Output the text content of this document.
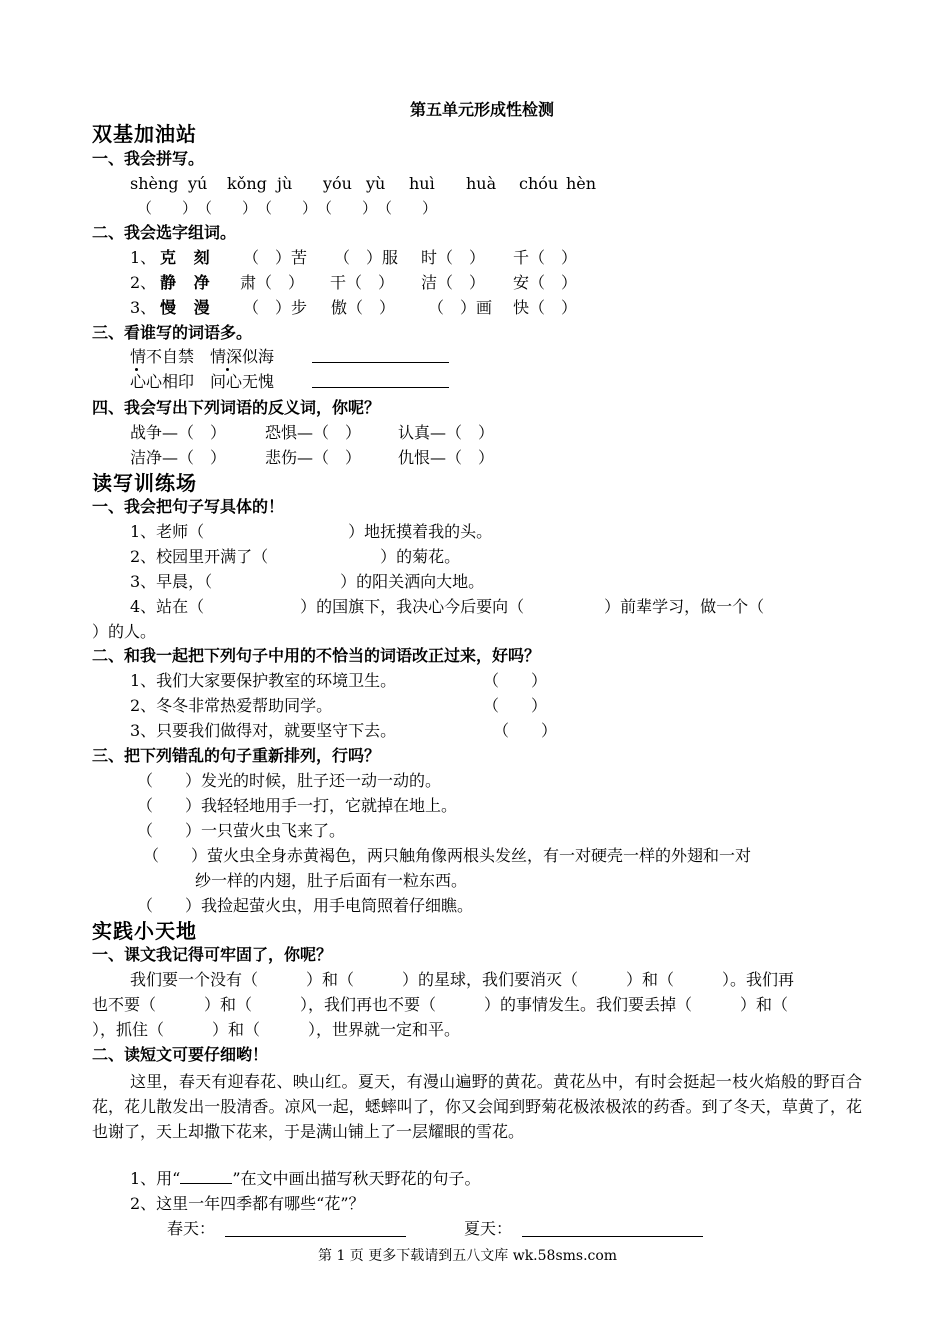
第五单元形成性检测
双基加油站
一、我会拼写。
shèng yú kǒng jù yóu yù huì huà chóu hèn
（　　）　（　　）　（　　）　（　　）　（　　）
二、我会选字组词。
1、 克 刻 （　）苦 （　）服 时（　） 千（　）
2、 静 净 肃（　） 干（　） 洁（　） 安（　）
3、 慢 漫 （　）步 傲（　） （　）画 快（　）
三、看谁写的词语多。
情不自禁　情深似海
心心相印　问心无愧
四、我会写出下列词语的反义词，你呢？
战争—（　） 恐惧—（　） 认真—（　）
洁净—（　） 悲伤—（　） 仇恨—（　）
读写训练场
一、我会把句子写具体的！
1、老师（　　　　　　　　　）地抚摸着我的头。
2、校园里开满了（　　　　　　　）的菊花。
3、早晨，（　　　　　　　　）的阳关洒向大地。
4、站在（　　　　　　）的国旗下，我决心今后要向（　　　　　）前辈学习，做一个（
）的人。
二、和我一起把下列句子中用的不恰当的词语改正过来，好吗？
1、我们大家要保护教室的环境卫生。	（　　）
2、冬冬非常热爱帮助同学。	（　　）
3、只要我们做得对，就要坚守下去。	（　　）
三、把下列错乱的句子重新排列，行吗？
（　　）发光的时候，肚子还一动一动的。
（　　）我轻轻地用手一打，它就掉在地上。
（　　）一只萤火虫飞来了。
（　　）萤火虫全身赤黄褐色，两只触角像两根头发丝，有一对硬壳一样的外翅和一对
纱一样的内翅，肚子后面有一粒东西。
（　　）我捡起萤火虫，用手电筒照着仔细瞧。
实践小天地
一、课文我记得可牢固了，你呢？
我们要一个没有（　　　）和（　　　）的星球，我们要消灭（　　　）和（　　　）。我们再
也不要（　　　）和（　　　），我们再也不要（　　　）的事情发生。我们要丢掉（　　　）和（
），抓住（　　　）和（　　　），世界就一定和平。
二、读短文可要仔细哟！
这里，春天有迎春花、映山红。夏天，有漫山遍野的黄花。黄花丛中，有时会挺起一枝火焰般的野百合花，花儿散发出一股清香。凉风一起，蟋蟀叫了，你又会闻到野菊花极浓极浓的药香。到了冬天，草黄了，花也谢了，天上却撒下花来，于是满山铺上了一层耀眼的雪花。
1、用“	”在文中画出描写秋天野花的句子。
2、这里一年四季都有哪些“花”？
春天：	夏天：
第 1 页 更多下载请到五八文库 wk.58sms.com
